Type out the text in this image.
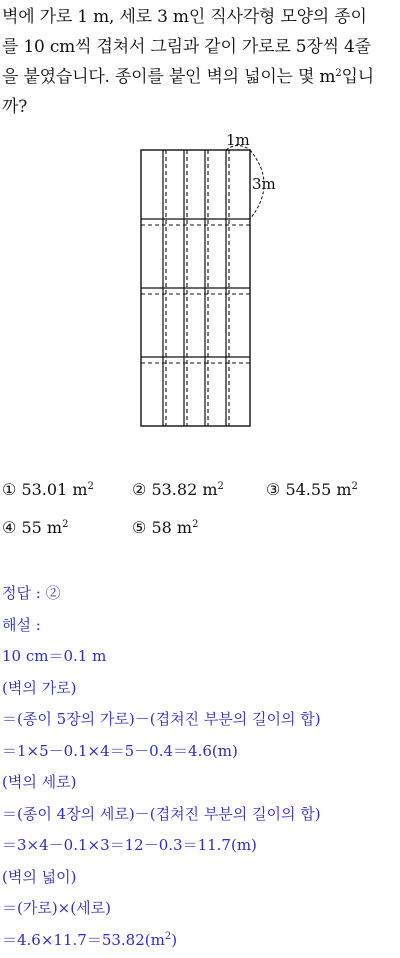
벽에 가로 1 m, 세로 3 m인 직사각형 모양의 종이
를 10 cm씩 겹쳐서 그림과 같이 가로로 5장씩 4줄
을 붙였습니다. 종이를 붙인 벽의 넓이는 몇 $m^2$입니
까?
1m
3m
① 53.01 $m^2$ ② 53.82 $m^2$	③ 54.55 $m^2$
④ 55 $m^2$	⑤ 58 $m^2$
정답 : ②
해설 :
10 cm＝0.1 m
(벽의 가로)
＝(종이 5장의 가로)－(겹쳐진 부분의 길이의 합)
＝1×5－0.1×4＝5－0.4＝4.6(m)
(벽의 세로)
＝(종이 4장의 세로)－(겹쳐진 부분의 길이의 합)
＝3×4－0.1×3＝12－0.3＝11.7(m)
(벽의 넓이)
＝(가로)×(세로)
$=4.6\times 11.7=53.82(m^2)$
